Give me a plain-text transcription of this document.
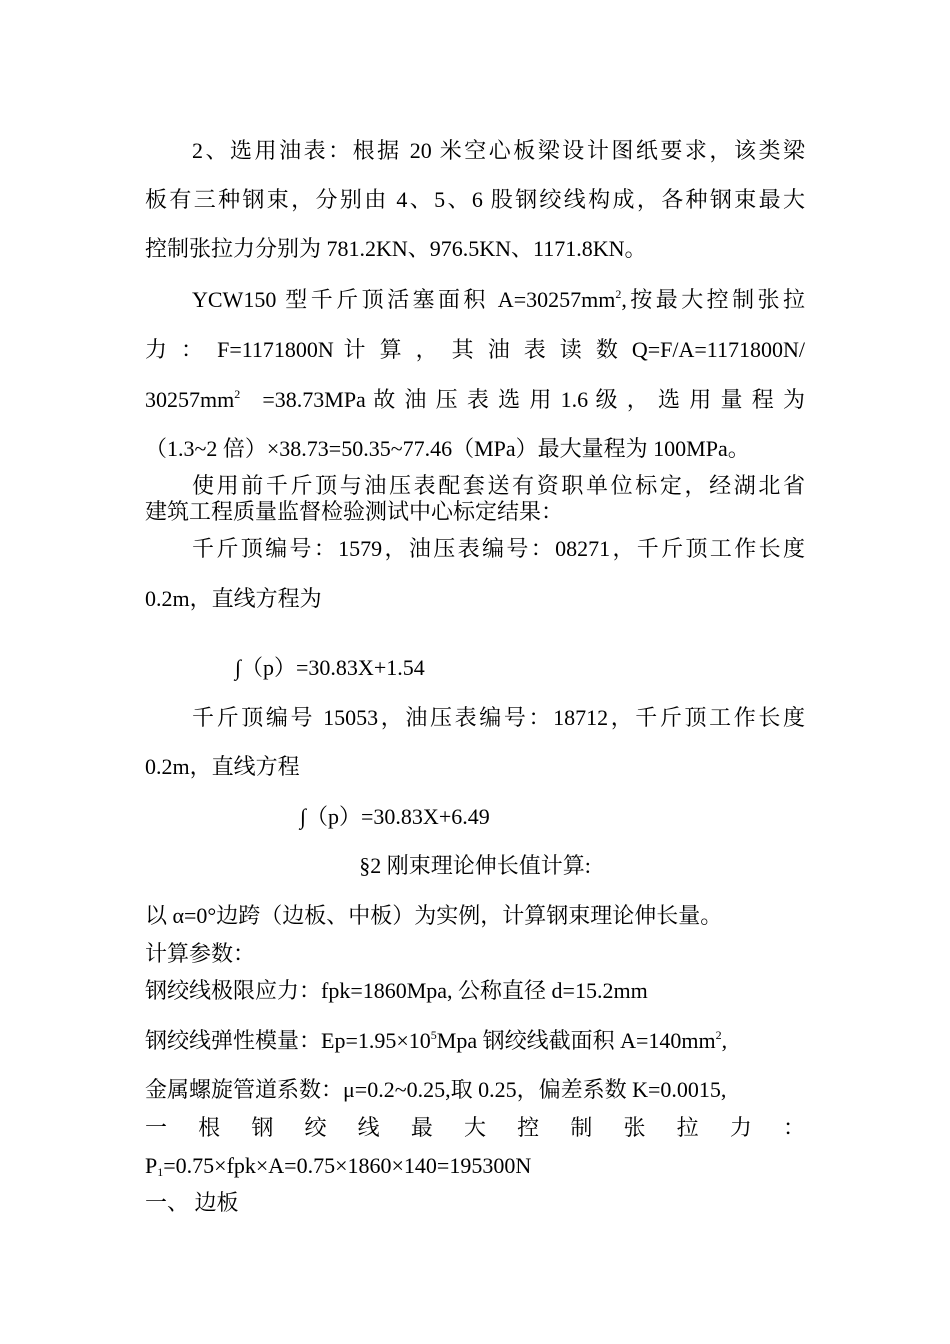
2、选用油表：根据 20 米空心板梁设计图纸要求，该类梁

板有三种钢束，分别由 4、5、6 股钢绞线构成，各种钢束最大

控制张拉力分别为 781.2KN、976.5KN、1171.8KN。

YCW150 型千斤顶活塞面积 $A=30257mm^2$,按最大控制张拉

力 ： F=1171800N 计 算 ， 其 油 表 读 数 Q=F/A=1171800N/

$30257mm^2 =38.73MPa$ 故 油 压 表 选 用 1.6 级 ， 选 用 量 程 为

（1.3~2 倍）×38.73=50.35~77.46（MPa）最大量程为 100MPa。

使用前千斤顶与油压表配套送有资职单位标定，经湖北省

建筑工程质量监督检验测试中心标定结果：

千斤顶编号：1579，油压表编号：08271，千斤顶工作长度

0.2m，直线方程为

∫（p）=30.83X+1.54

千斤顶编号 15053，油压表编号：18712，千斤顶工作长度

0.2m，直线方程

∫（p）=30.83X+6.49

§2 刚束理论伸长值计算:

以 α=0°边跨（边板、中板）为实例，计算钢束理论伸长量。

计算参数：

钢绞线极限应力：fpk=1860Mpa, 公称直径 d=15.2mm

钢绞线弹性模量：$Ep=1.95\times 10^5Mpa$ 钢绞线截面积 $A=140mm^2$,

金属螺旋管道系数：μ=0.2~0.25,取 0.25，偏差系数 K=0.0015,

一 根 钢 绞 线 最 大 控 制 张 拉 力 ：

$P_1=0.75\times fpk\times A=0.75\times 1860\times 140=195300N$

一、 边板
